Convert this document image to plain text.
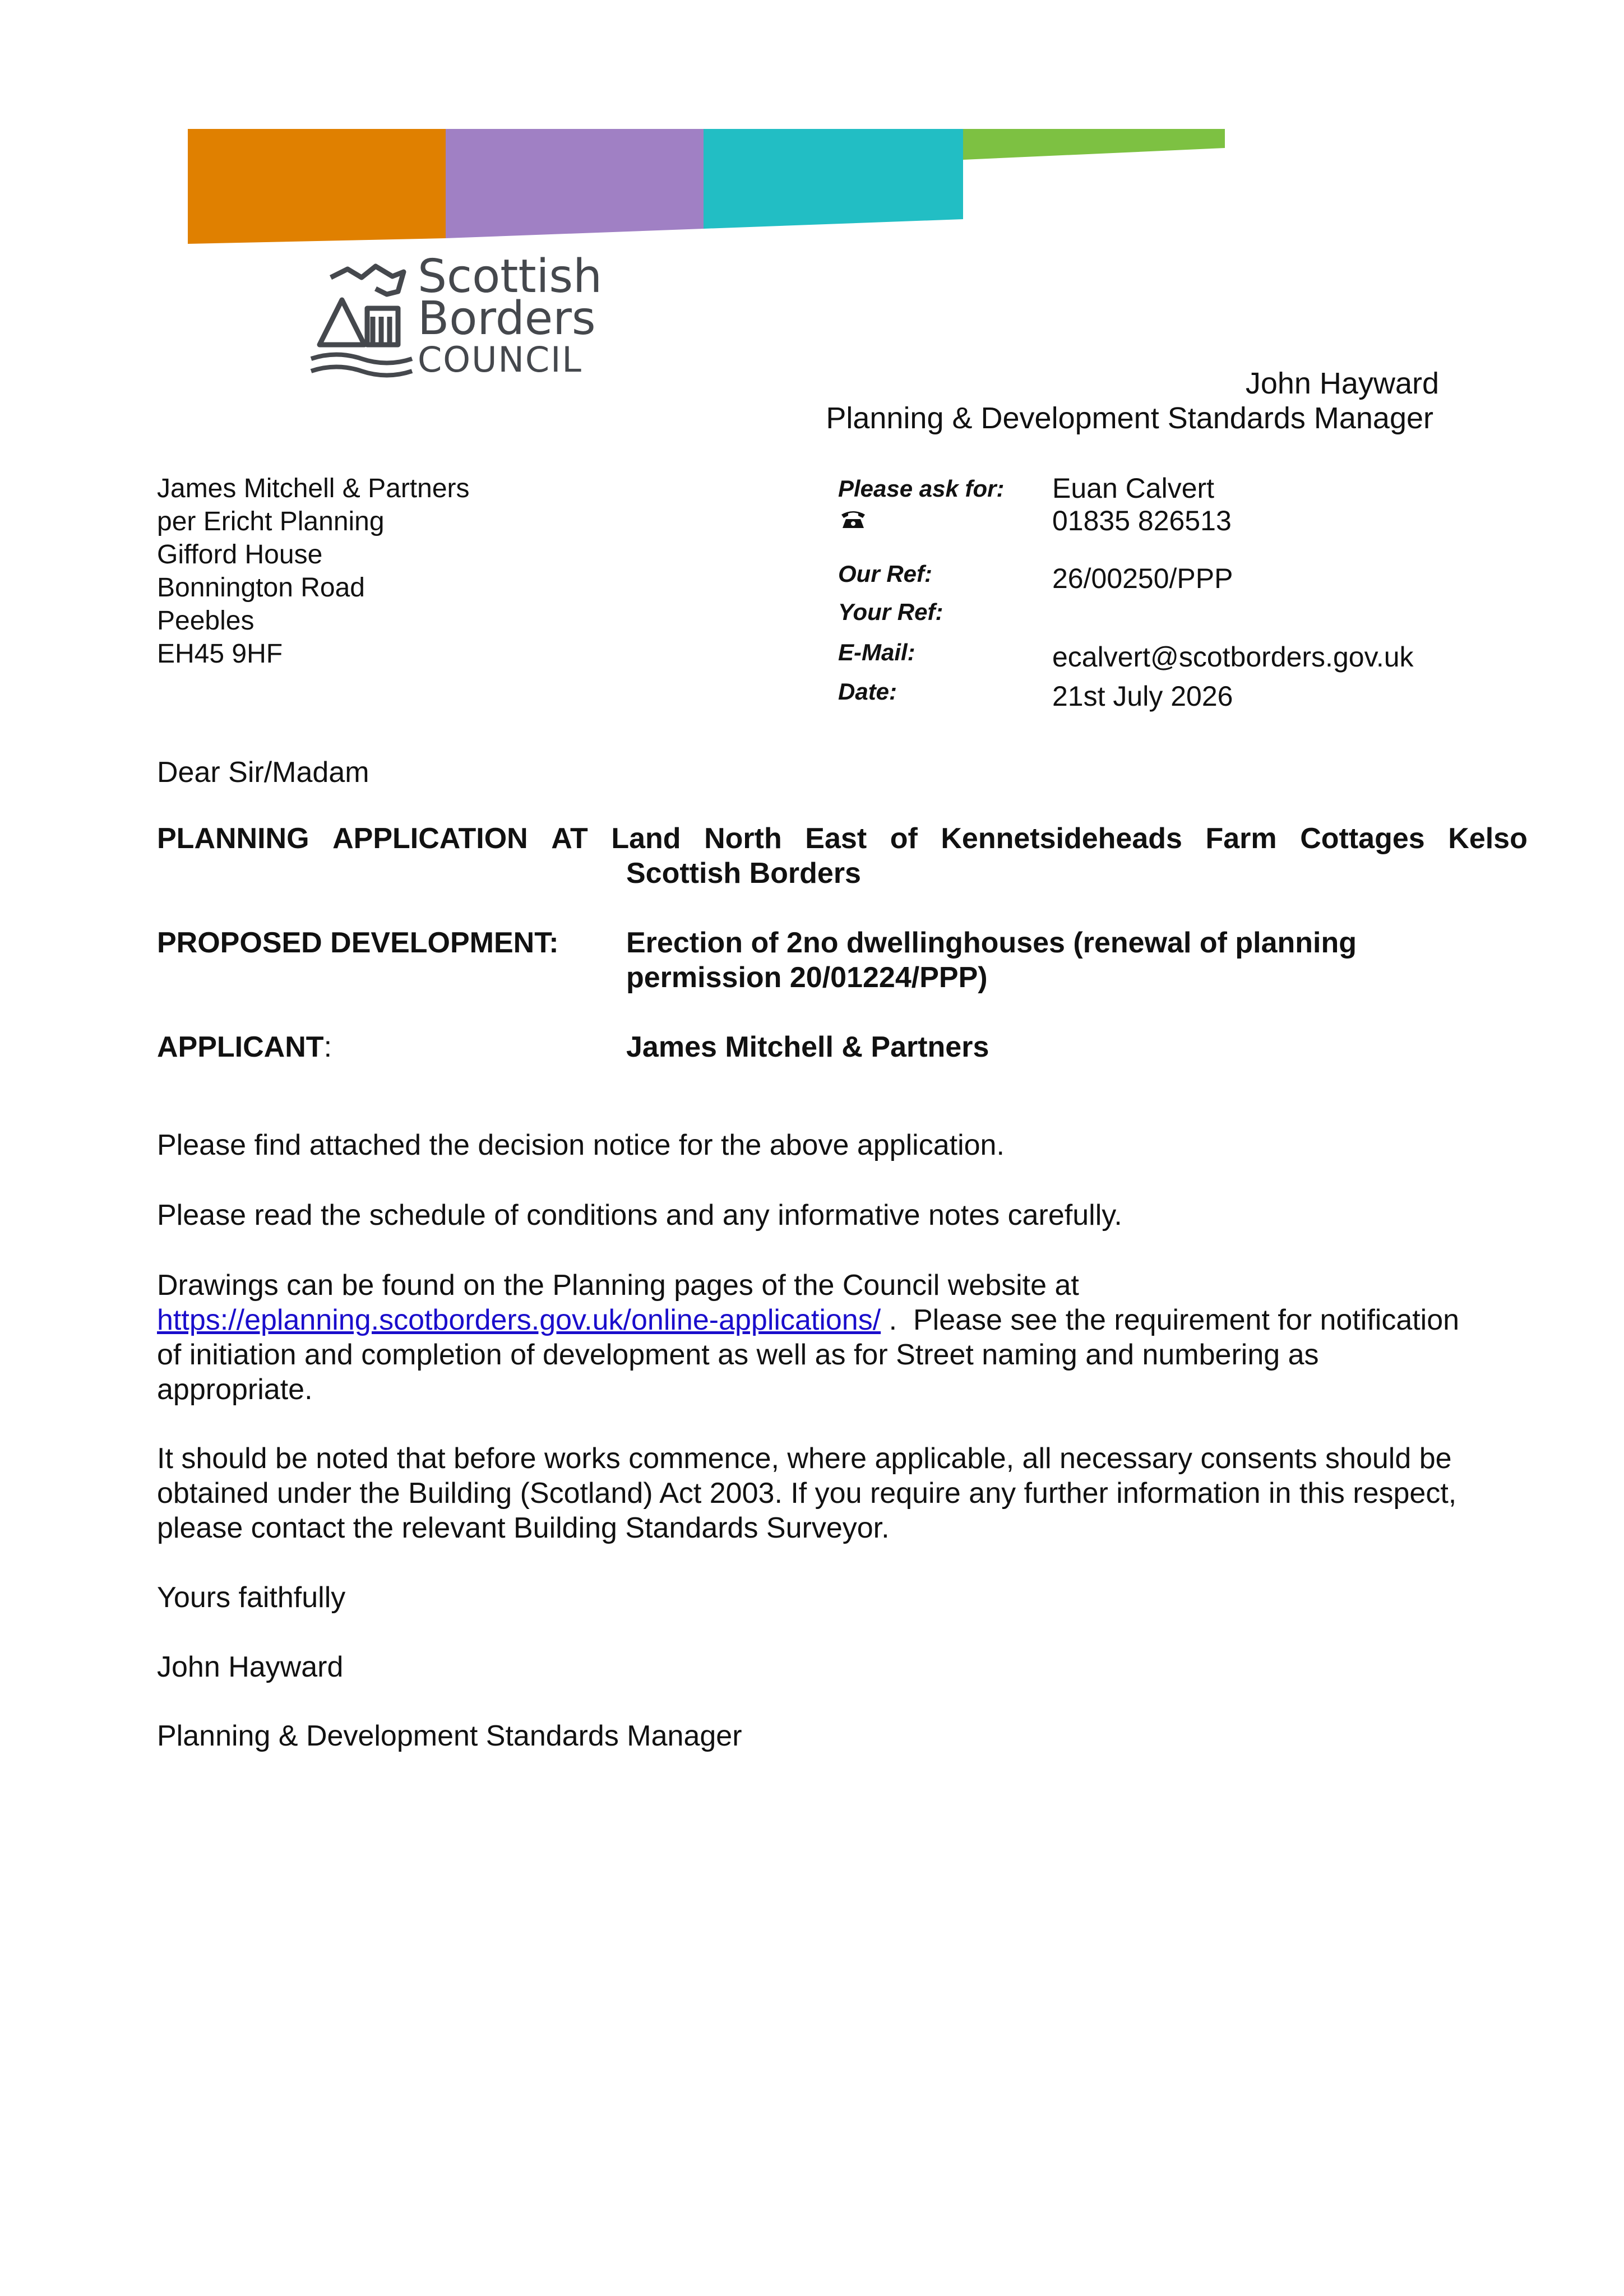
Scottish
Borders
COUNCIL
John Hayward
Planning & Development Standards Manager
James Mitchell & Partners
per Ericht Planning
Gifford House
Bonnington Road
Peebles
EH45 9HF
Please ask for: Euan Calvert
01835 826513
Our Ref:	26/00250/PPP
Your Ref:
E-Mail:	ecalvert@scotborders.gov.uk
Date:	21st July 2026
Dear Sir/Madam
PLANNING APPLICATION AT Land North East of Kennetsideheads Farm Cottages Kelso
Scottish Borders
PROPOSED DEVELOPMENT: Erection of 2no dwellinghouses (renewal of planning
permission 20/01224/PPP)
APPLICANT:	James Mitchell & Partners
Please find attached the decision notice for the above application.
Please read the schedule of conditions and any informative notes carefully.
Drawings can be found on the Planning pages of the Council website at
https://eplanning.scotborders.gov.uk/online-applications/ .  Please see the requirement for notification
of initiation and completion of development as well as for Street naming and numbering as
appropriate.
It should be noted that before works commence, where applicable, all necessary consents should be
obtained under the Building (Scotland) Act 2003. If you require any further information in this respect,
please contact the relevant Building Standards Surveyor.
Yours faithfully
John Hayward
Planning & Development Standards Manager
